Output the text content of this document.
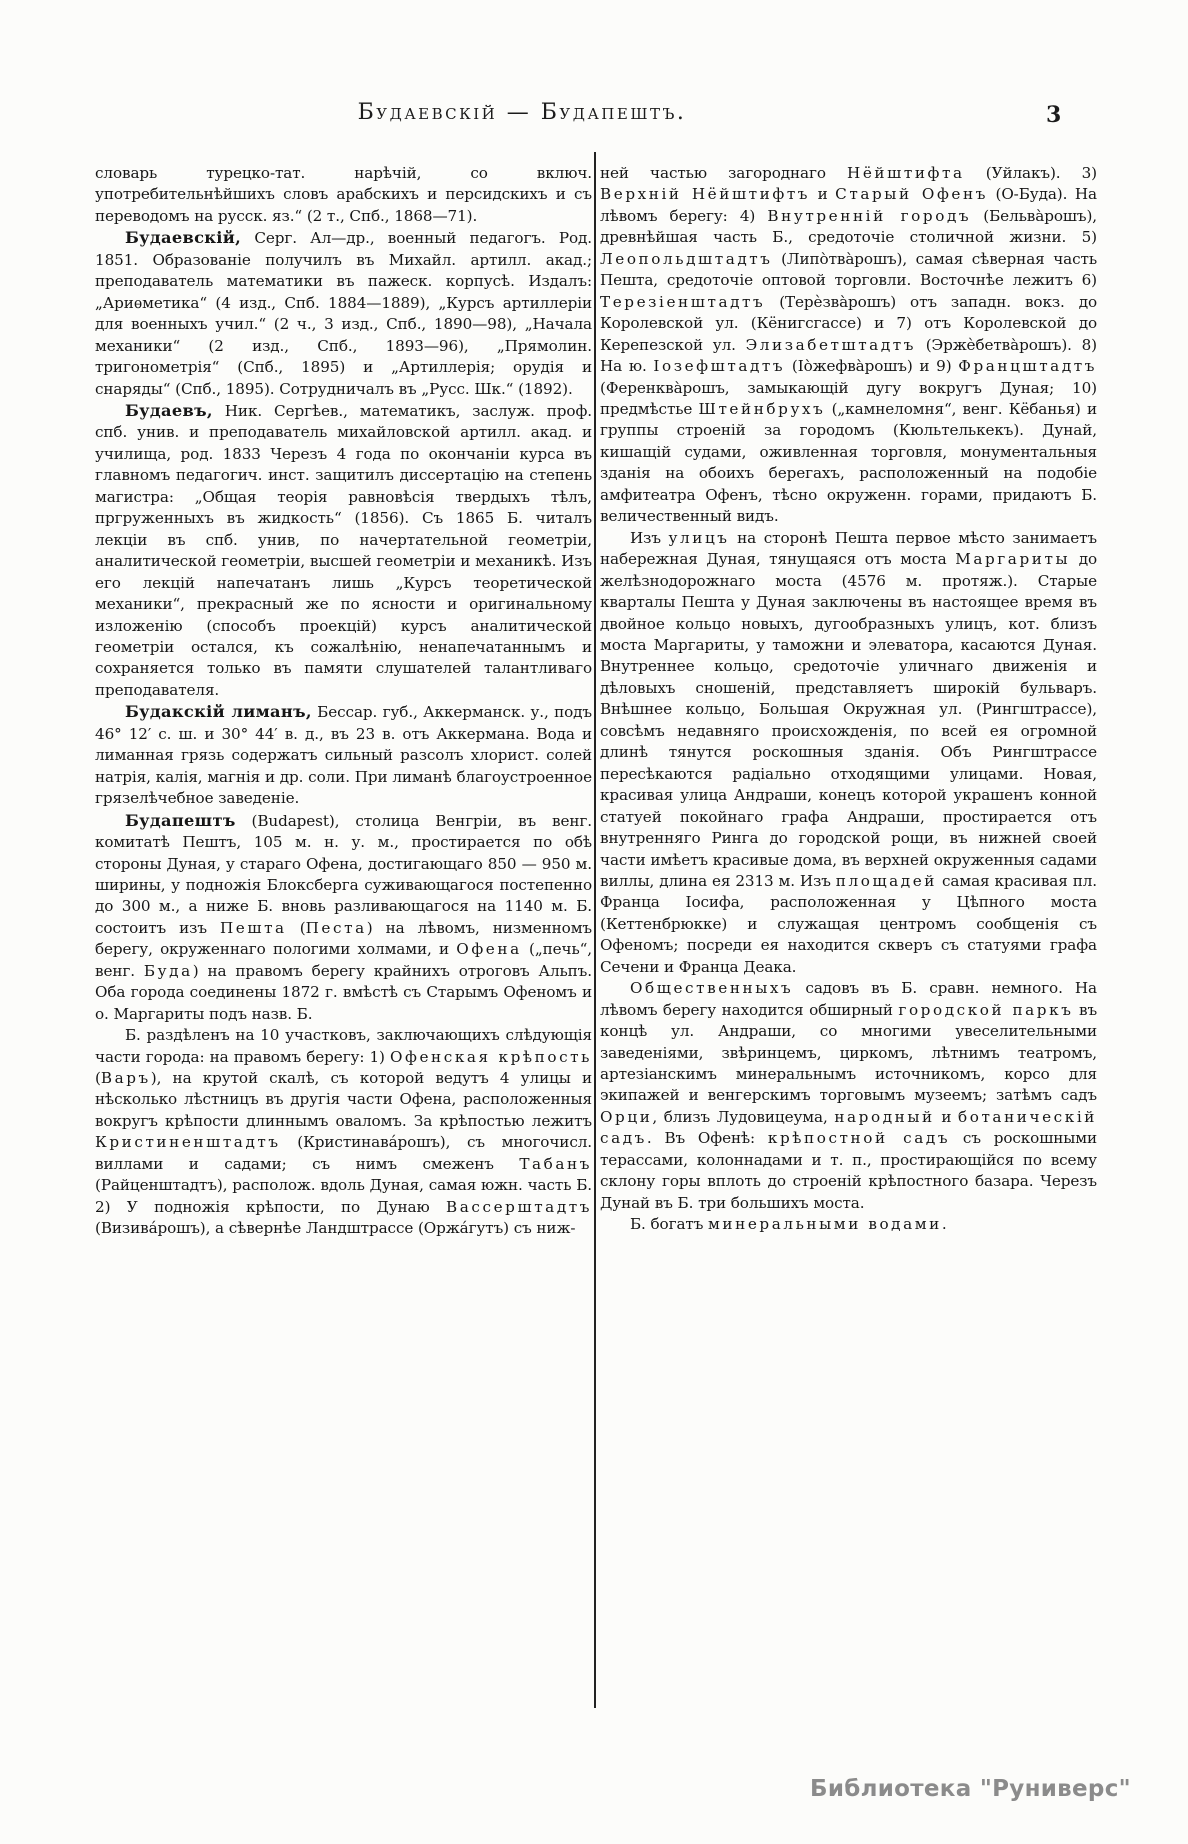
Будаевскій — Будапештъ.	3

словарь турецко-тат. нарѣчій, со включ. употребительнѣйшихъ словъ арабскихъ и персидскихъ и съ переводомъ на русск. яз.“ (2 т., Спб., 1868—71).

Будаевскій, Серг. Ал—др., военный педагогъ. Род. 1851. Образованіе получилъ въ Михайл. артилл. акад.; преподаватель математики въ пажеск. корпусѣ. Издалъ: „Ариѳметика“ (4 изд., Спб. 1884—1889), „Курсъ артиллеріи для военныхъ учил.“ (2 ч., 3 изд., Спб., 1890—98), „Начала механики“ (2 изд., Спб., 1893—96), „Прямолин. тригонометрія“ (Спб., 1895) и „Артиллерія; орудія и снаряды“ (Спб., 1895). Сотрудничалъ въ „Русс. Шк.“ (1892).

Будаевъ, Ник. Сергѣев., математикъ, заслуж. проф. спб. унив. и преподаватель михайловской артилл. акад. и училища, род. 1833 Черезъ 4 года по окончаніи курса въ главномъ педагогич. инст. защитилъ диссертацію на степень магистра: „Общая теорія равновѣсія твердыхъ тѣлъ, пргруженныхъ въ жидкость“ (1856). Съ 1865 Б. читалъ лекціи въ спб. унив, по начертательной геометріи, аналитической геометріи, высшей геометріи и механикѣ. Изъ его лекцій напечатанъ лишь „Курсъ теоретической механики“, прекрасный же по ясности и оригинальному изложенію (способъ проекцій) курсъ аналитической геометріи остался, къ сожалѣнію, ненапечатаннымъ и сохраняется только въ памяти слушателей талантливаго преподавателя.

Будакскій лиманъ, Бессар. губ., Аккерманск. у., подъ 46° 12′ с. ш. и 30° 44′ в. д., въ 23 в. отъ Аккермана. Вода и лиманная грязь содержатъ сильный разсолъ хлорист. солей натрія, калія, магнія и др. соли. При лиманѣ благоустроенное грязелѣчебное заведеніе.

Будапештъ (Budapest), столица Венгріи, въ венг. комитатѣ Пештъ, 105 м. н. у. м., простирается по обѣ стороны Дуная, у стараго Офена, достигающаго 850 — 950 м. ширины, у подножія Блоксберга суживающагося постепенно до 300 м., а ниже Б. вновь разливающагося на 1140 м. Б. состоитъ изъ Пешта (Песта) на лѣвомъ, низменномъ берегу, окруженнаго пологими холмами, и Офена („печь“, венг. Буда) на правомъ берегу крайнихъ отроговъ Альпъ. Оба города соединены 1872 г. вмѣстѣ съ Старымъ Офеномъ и о. Маргариты подъ назв. Б.

Б. раздѣленъ на 10 участковъ, заключающихъ слѣдующія части города: на правомъ берегу: 1) Офенская крѣпость (Варъ), на крутой скалѣ, съ которой ведутъ 4 улицы и нѣсколько лѣстницъ въ другія части Офена, расположенныя вокругъ крѣпости длиннымъ оваломъ. За крѣпостью лежитъ Кристиненштадтъ (Кристинава́рошъ), съ многочисл. виллами и садами; съ нимъ смеженъ Табанъ (Райценштадтъ), располож. вдоль Дуная, самая южн. часть Б. 2) У подножія крѣпости, по Дунаю Вассерштадтъ (Визива́рошъ), а сѣвернѣе Ландштрассе (Оржа́гутъ) съ ниж-

ней частью загороднаго Нёйштифта (Уйлакъ). 3) Верхній Нёйштифтъ и Старый Офенъ (О-Буда). На лѣвомъ берегу: 4) Внутренній городъ (Бельва̀рошъ), древнѣйшая часть Б., средоточіе столичной жизни. 5) Леопольдштадтъ (Липо̀тва̀рошъ), самая сѣверная часть Пешта, средоточіе оптовой торговли. Восточнѣе лежитъ 6) Терезіенштадтъ (Терѐзва̀рошъ) отъ западн. вокз. до Королевской ул. (Кёнигсгассе) и 7) отъ Королевской до Керепезской ул. Элизабетштадтъ (Эржѐбетва̀рошъ). 8) На ю. Іозефштадтъ (Іо̀жефва̀рошъ) и 9) Францштадтъ (Ференква̀рошъ, замыкающій дугу вокругъ Дуная; 10) предмѣстье Штейнбрухъ („камнеломня“, венг. Кёбанья) и группы строеній за городомъ (Кюльтелькекъ). Дунай, кишащій судами, оживленная торговля, монументальныя зданія на обоихъ берегахъ, расположенный на подобіе амфитеатра Офенъ, тѣсно окруженн. горами, придаютъ Б. величественный видъ.

Изъ улицъ на сторонѣ Пешта первое мѣсто занимаетъ набережная Дуная, тянущаяся отъ моста Маргариты до желѣзнодорожнаго моста (4576 м. протяж.). Старые кварталы Пешта у Дуная заключены въ настоящее время въ двойное кольцо новыхъ, дугообразныхъ улицъ, кот. близъ моста Маргариты, у таможни и элеватора, касаются Дуная. Внутреннее кольцо, средоточіе уличнаго движенія и дѣловыхъ сношеній, представляетъ широкій бульваръ. Внѣшнее кольцо, Большая Окружная ул. (Рингштрассе), совсѣмъ недавняго происхожденія, по всей ея огромной длинѣ тянутся роскошныя зданія. Объ Рингштрассе пересѣкаются радіально отходящими улицами. Новая, красивая улица Андраши, конецъ которой украшенъ конной статуей покойнаго графа Андраши, простирается отъ внутренняго Ринга до городской рощи, въ нижней своей части имѣетъ красивые дома, въ верхней окруженныя садами виллы, длина ея 2313 м. Изъ площадей самая красивая пл. Франца Іосифа, расположенная у Цѣпного моста (Кеттенбрюкке) и служащая центромъ сообщенія съ Офеномъ; посреди ея находится скверъ съ статуями графа Сечени и Франца Деака.

Общественныхъ садовъ въ Б. сравн. немного. На лѣвомъ берегу находится обширный городской паркъ въ концѣ ул. Андраши, со многими увеселительными заведеніями, звѣринцемъ, циркомъ, лѣтнимъ театромъ, артезіанскимъ минеральнымъ источникомъ, корсо для экипажей и венгерскимъ торговымъ музеемъ; затѣмъ садъ Орци, близъ Лудовицеума, народный и ботаническій садъ. Въ Офенѣ: крѣпостной садъ съ роскошными терассами, колоннадами и т. п., простирающійся по всему склону горы вплоть до строеній крѣпостного базара. Черезъ Дунай въ Б. три большихъ моста.

Б. богатъ минеральными водами.

Библиотека "Руниверс"
